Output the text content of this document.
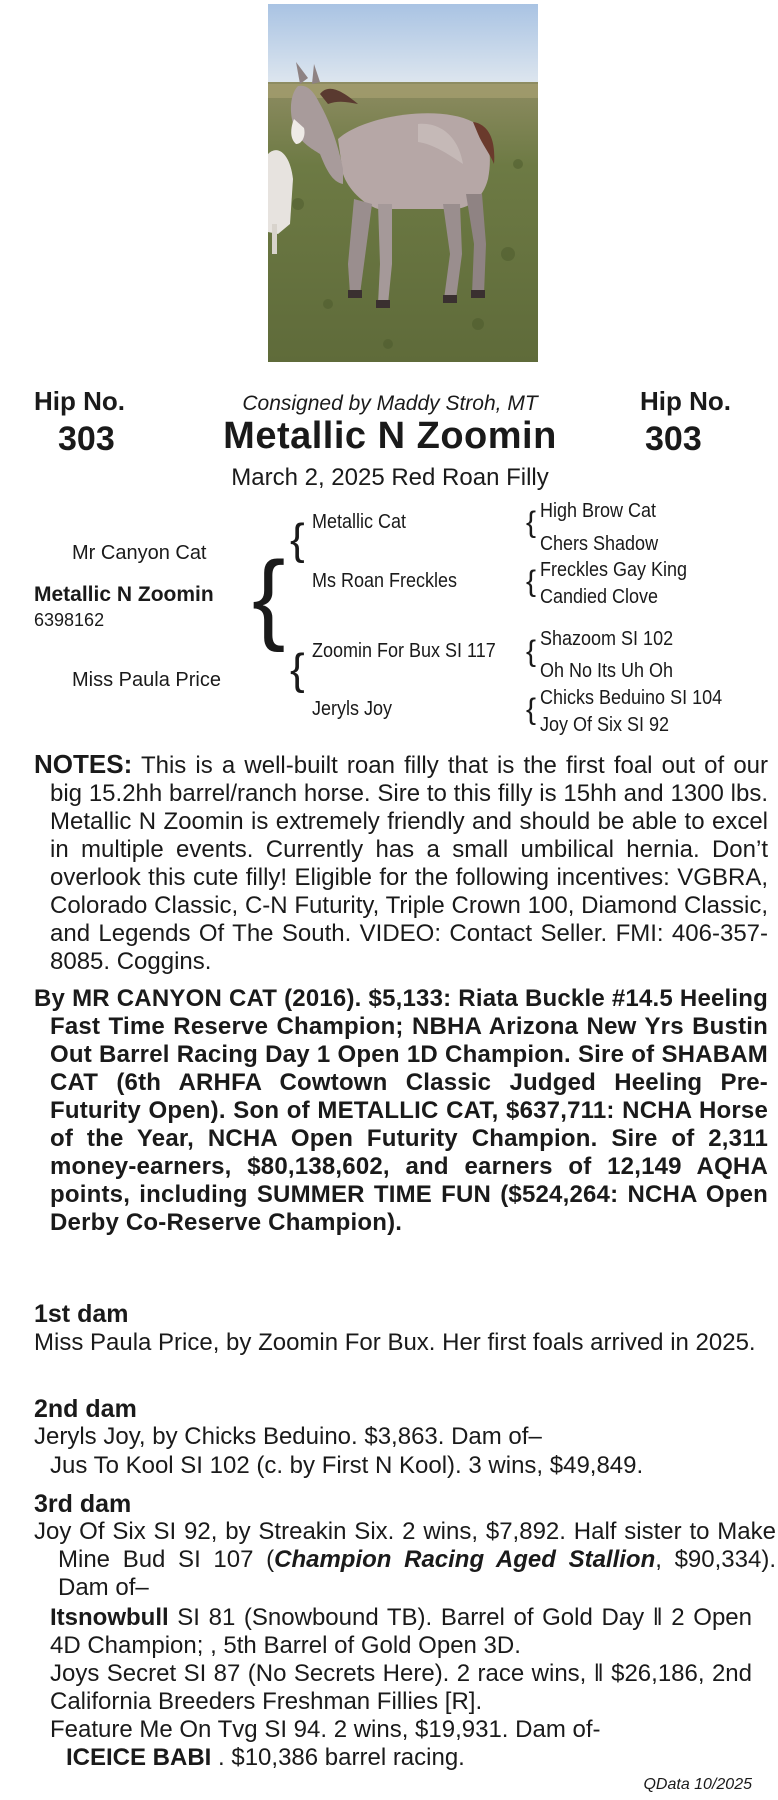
Hip No.
303
Hip No.
303
Consigned by Maddy Stroh, MT
Metallic N Zoomin
March 2, 2025 Red Roan Filly
Mr Canyon Cat
Metallic N Zoomin
6398162
Miss Paula Price
{
{
{
Metallic Cat
Ms Roan Freckles
Zoomin For Bux SI 117
Jeryls Joy
{
{
{
{
High Brow Cat
Chers Shadow
Freckles Gay King
Candied Clove
Shazoom SI 102
Oh No Its Uh Oh
Chicks Beduino SI 104
Joy Of Six SI 92
NOTES: This is a well-built roan filly that is the first foal out of our big 15.2hh barrel/ranch horse. Sire to this filly is 15hh and 1300 lbs. Metallic N Zoomin is extremely friendly and should be able to excel in multiple events. Currently has a small umbilical hernia. Don’t overlook this cute filly! Eligible for the following incentives: VGBRA, Colorado Classic, C-N Futurity, Triple Crown 100, Diamond Classic, and Legends Of The South. VIDEO: Contact Seller. FMI: 406-357-8085. Coggins.
By MR CANYON CAT (2016). $5,133: Riata Buckle #14.5 Heeling Fast Time Reserve Champion; NBHA Arizona New Yrs Bustin Out Barrel Racing Day 1 Open 1D Champion. Sire of SHABAM CAT (6th ARHFA Cowtown Classic Judged Heeling Pre-Futurity Open). Son of METALLIC CAT, $637,711: NCHA Horse of the Year, NCHA Open Futurity Champion. Sire of 2,311 money-earners, $80,138,602, and earners of 12,149 AQHA points, including SUMMER TIME FUN ($524,264: NCHA Open Derby Co-Reserve Champion).
1st dam
Miss Paula Price, by Zoomin For Bux. Her first foals arrived in 2025.
2nd dam
Jeryls Joy, by Chicks Beduino. $3,863. Dam of–
Jus To Kool SI 102 (c. by First N Kool). 3 wins, $49,849.
3rd dam
Joy Of Six SI 92, by Streakin Six. 2 wins, $7,892. Half sister to Make Mine Bud SI 107 (Champion Racing Aged Stallion, $90,334). Dam of–
Itsnowbull SI 81 (Snowbound TB). Barrel of Gold Day ‖ 2 Open 4D Champion; , 5th Barrel of Gold Open 3D.
Joys Secret SI 87 (No Secrets Here). 2 race wins, ‖ $26,186, 2nd California Breeders Freshman Fillies [R].
Feature Me On Tvg SI 94. 2 wins, $19,931. Dam of-
ICEICE BABI . $10,386 barrel racing.
QData 10/2025
